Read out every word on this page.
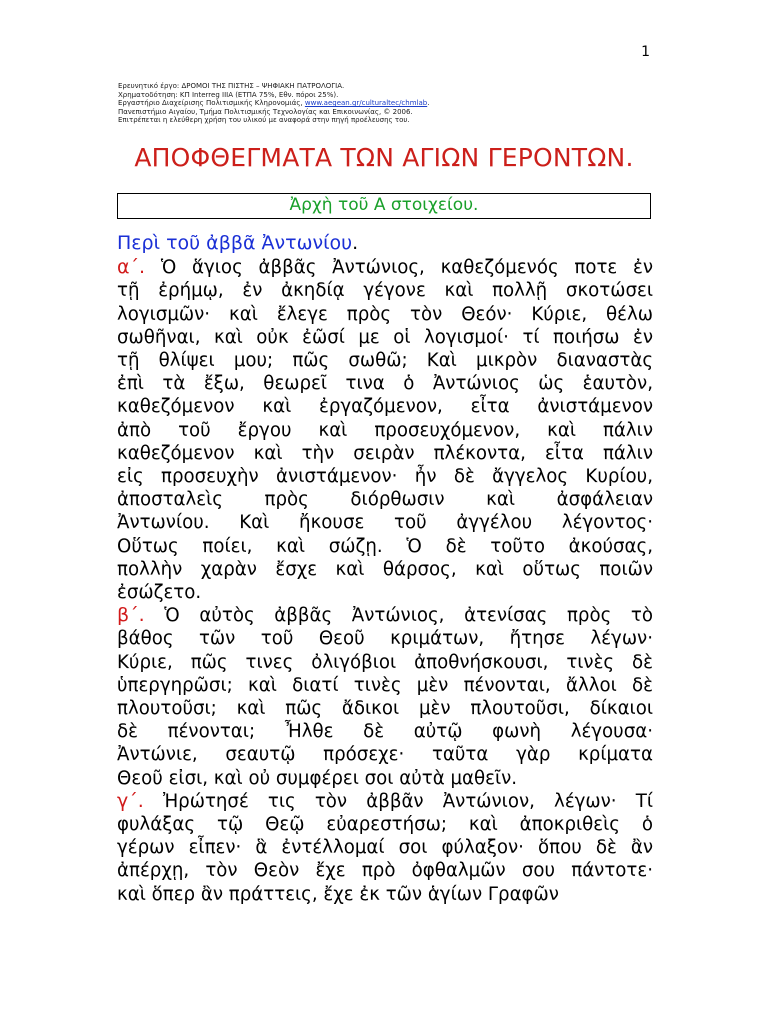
1
Ερευνητικό έργο: ΔΡΟΜΟΙ ΤΗΣ ΠΙΣΤΗΣ – ΨΗΦΙΑΚΗ ΠΑΤΡΟΛΟΓΙΑ.
Χρηματοδότηση: ΚΠ Interreg IIIA (ΕΤΠΑ 75%, Εθν. πόροι 25%).
Εργαστήριο Διαχείρισης Πολιτισμικής Κληρονομιάς, www.aegean.gr/culturaltec/chmlab.
Πανεπιστήμιο Αιγαίου, Τμήμα Πολιτισμικής Τεχνολογίας και Επικοινωνίας, © 2006.
Επιτρέπεται η ελεύθερη χρήση του υλικού με αναφορά στην πηγή προέλευσης του.
ΑΠΟΦΘΕΓΜΑΤΑ ΤΩΝ ΑΓΙΩΝ ΓΕΡΟΝΤΩΝ.
Ἀρχὴ τοῦ Α στοιχείου.
Περὶ τοῦ ἀββᾶ Ἀντωνίου.
α΄. Ὁ ἅγιος ἀββᾶς Ἀντώνιος, καθεζόμενός ποτε ἐν
τῇ ἐρήμῳ, ἐν ἀκηδίᾳ γέγονε καὶ πολλῇ σκοτώσει
λογισμῶν· καὶ ἔλεγε πρὸς τὸν Θεόν· Κύριε, θέλω
σωθῆναι, καὶ οὐκ ἐῶσί με οἱ λογισμοί· τί ποιήσω ἐν
τῇ θλίψει μου; πῶς σωθῶ; Καὶ μικρὸν διαναστὰς
ἐπὶ τὰ ἔξω, θεωρεῖ τινα ὁ Ἀντώνιος ὡς ἑαυτὸν,
καθεζόμενον καὶ ἐργαζόμενον, εἶτα ἀνιστάμενον
ἀπὸ τοῦ ἔργου καὶ προσευχόμενον, καὶ πάλιν
καθεζόμενον καὶ τὴν σειρὰν πλέκοντα, εἶτα πάλιν
εἰς προσευχὴν ἀνιστάμενον· ἦν δὲ ἄγγελος Κυρίου,
ἀποσταλεὶς πρὸς διόρθωσιν καὶ ἀσφάλειαν
Ἀντωνίου. Καὶ ἤκουσε τοῦ ἀγγέλου λέγοντος·
Οὕτως ποίει, καὶ σώζῃ. Ὁ δὲ τοῦτο ἀκούσας,
πολλὴν χαρὰν ἔσχε καὶ θάρσος, καὶ οὕτως ποιῶν
ἐσώζετο.
β΄. Ὁ αὐτὸς ἀββᾶς Ἀντώνιος, ἀτενίσας πρὸς τὸ
βάθος τῶν τοῦ Θεοῦ κριμάτων, ἤτησε λέγων·
Κύριε, πῶς τινες ὀλιγόβιοι ἀποθνήσκουσι, τινὲς δὲ
ὑπεργηρῶσι; καὶ διατί τινὲς μὲν πένονται, ἄλλοι δὲ
πλουτοῦσι; καὶ πῶς ἄδικοι μὲν πλουτοῦσι, δίκαιοι
δὲ πένονται; Ἦλθε δὲ αὐτῷ φωνὴ λέγουσα·
Ἀντώνιε, σεαυτῷ πρόσεχε· ταῦτα γὰρ κρίματα
Θεοῦ εἰσι, καὶ οὐ συμφέρει σοι αὐτὰ μαθεῖν.
γ΄. Ἠρώτησέ τις τὸν ἀββᾶν Ἀντώνιον, λέγων· Τί
φυλάξας τῷ Θεῷ εὐαρεστήσω; καὶ ἀποκριθεὶς ὁ
γέρων εἶπεν· ἃ ἐντέλλομαί σοι φύλαξον· ὅπου δὲ ἂν
ἀπέρχῃ, τὸν Θεὸν ἔχε πρὸ ὀφθαλμῶν σου πάντοτε·
καὶ ὅπερ ἂν πράττεις, ἔχε ἐκ τῶν ἁγίων Γραφῶν
